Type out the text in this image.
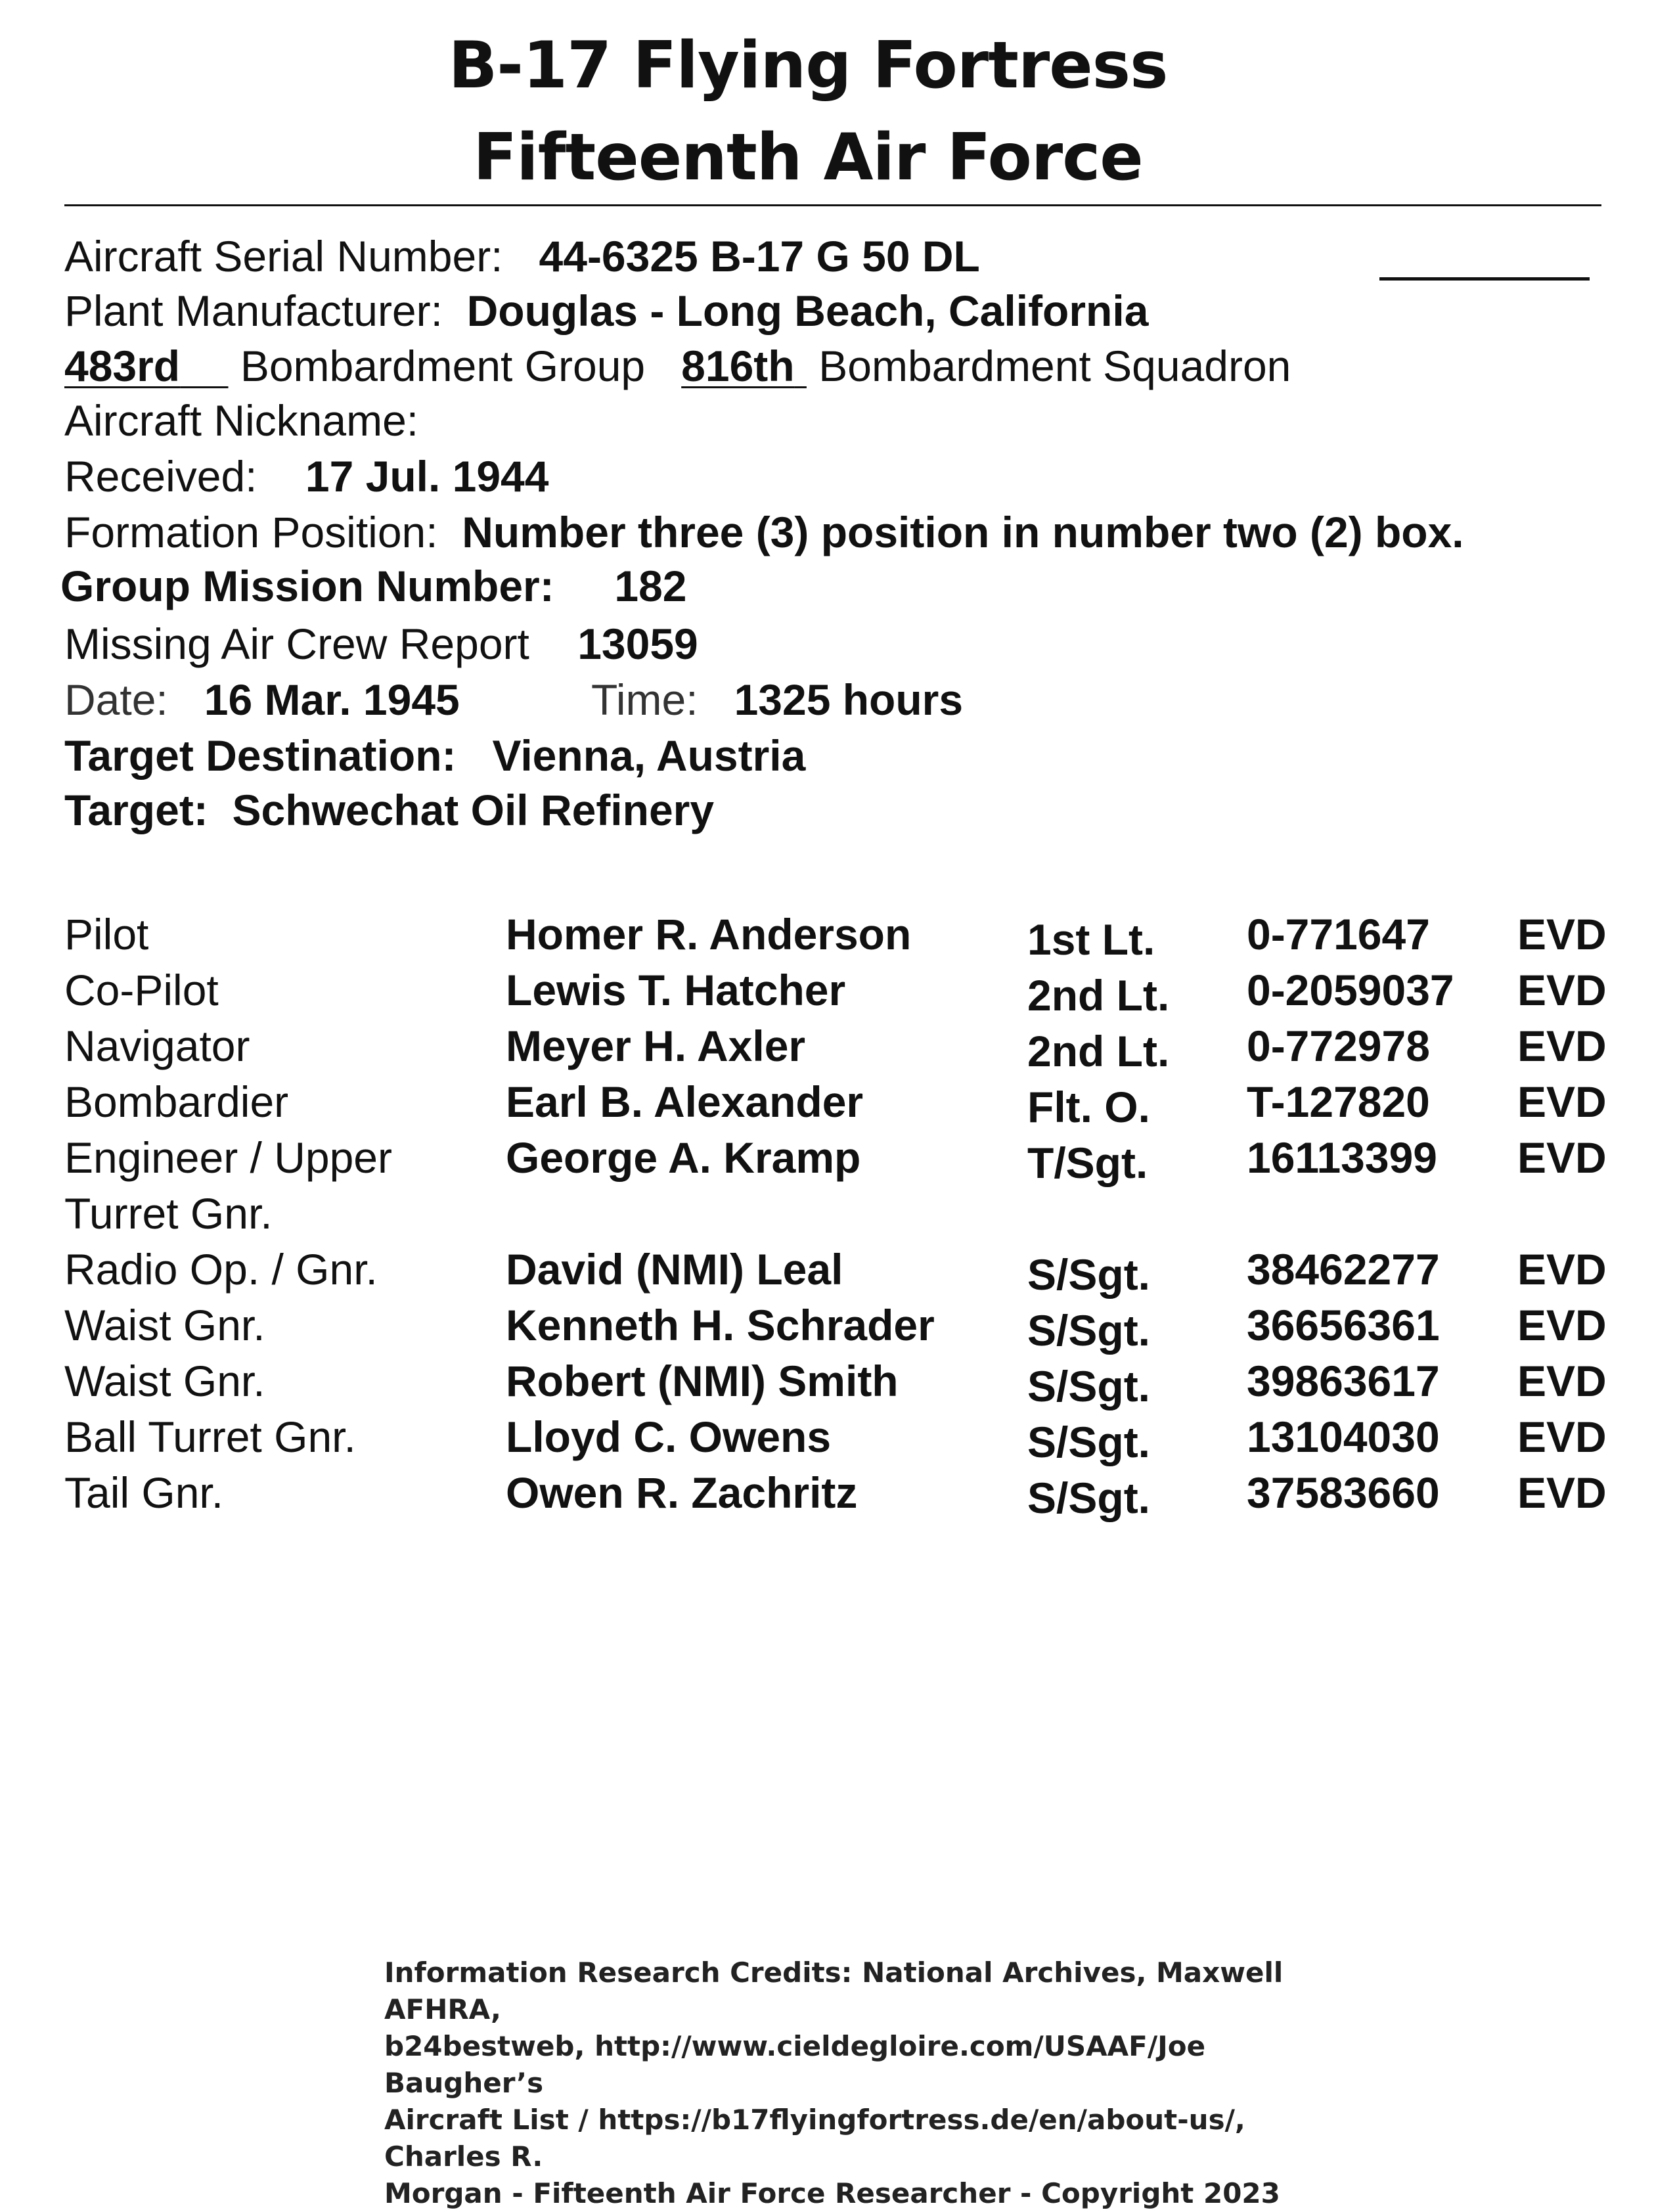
B-17 Flying Fortress
Fifteenth Air Force
Aircraft Serial Number: 44-6325 B-17 G 50 DL
Plant Manufacturer: Douglas - Long Beach, California
483rd Bombardment Group 816th Bombardment Squadron
Aircraft Nickname:
Received: 17 Jul. 1944
Formation Position: Number three (3) position in number two (2) box.
Group Mission Number: 182
Missing Air Crew Report 13059
Date: 16 Mar. 1945	Time: 1325 hours
Target Destination: Vienna, Austria
Target: Schwechat Oil Refinery
Pilot	Homer R. Anderson	1st Lt. 0-771647 EVD
Co-Pilot	Lewis T. Hatcher	2nd Lt. 0-2059037 EVD
Navigator	Meyer H. Axler	2nd Lt. 0-772978 EVD
Bombardier	Earl B. Alexander	Flt. O. T-127820 EVD
Engineer / Upper Turret Gnr.
George A. Kramp	T/Sgt. 16113399 EVD
Radio Op. / Gnr.	David (NMI) Leal	S/Sgt. 38462277 EVD
Waist Gnr.	Kenneth H. Schrader S/Sgt. 36656361 EVD
Waist Gnr.	Robert (NMI) Smith	S/Sgt. 39863617 EVD
Ball Turret Gnr.	Lloyd C. Owens	S/Sgt. 13104030 EVD
Tail Gnr.	Owen R. Zachritz	S/Sgt. 37583660 EVD
Information Research Credits: National Archives, Maxwell AFHRA,
b24bestweb, http://www.cieldegloire.com/USAAF/Joe Baugher’s
Aircraft List / https://b17flyingfortress.de/en/about-us/, Charles R.
Morgan - Fifteenth Air Force Researcher - Copyright 2023
